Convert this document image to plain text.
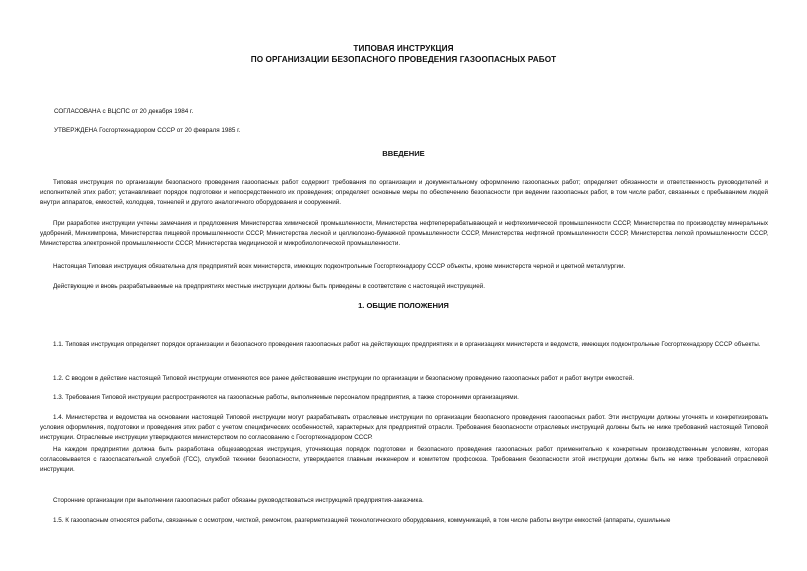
ТИПОВАЯ ИНСТРУКЦИЯ
ПО ОРГАНИЗАЦИИ БЕЗОПАСНОГО ПРОВЕДЕНИЯ ГАЗООПАСНЫХ РАБОТ
СОГЛАСОВАНА с ВЦСПС от 20 декабря 1984 г.
УТВЕРЖДЕНА Госгортехнадзором СССР от 20 февраля 1985 г.
ВВЕДЕНИЕ

Типовая инструкция по организации безопасного проведения газоопасных работ содержит требования по организации и документальному оформлению газоопасных работ; определяет обязанности и ответственность руководителей и исполнителей этих работ; устанавливает порядок подготовки и непосредственного их проведения; определяет основные меры по обеспечению безопасности при ведении газоопасных работ, в том числе работ, связанных с пребыванием людей внутри аппаратов, емкостей, колодцев, тоннелей и другого аналогичного оборудования и сооружений.

При разработке инструкции учтены замечания и предложения Министерства химической промышленности, Министерства нефтеперерабатывающей и нефтехимической промышленности СССР, Министерства по производству минеральных удобрений, Минхимпрома, Министерства пищевой промышленности СССР, Министерства лесной и целлюлозно-бумажной промышленности СССР, Министерства нефтяной промышленности СССР, Министерства легкой промышленности СССР, Министерства электронной промышленности СССР, Министерства медицинской и микробиологической промышленности.

Настоящая Типовая инструкция обязательна для предприятий всех министерств, имеющих подконтрольные Госгортехнадзору СССР объекты, кроме министерств черной и цветной металлургии.

Действующие и вновь разрабатываемые на предприятиях местные инструкции должны быть приведены в соответствие с настоящей инструкцией.

1. ОБЩИЕ ПОЛОЖЕНИЯ

1.1. Типовая инструкция определяет порядок организации и безопасного проведения газоопасных работ на действующих предприятиях и в организациях министерств и ведомств, имеющих подконтрольные Госгортехнадзору СССР объекты.

1.2. С вводом в действие настоящей Типовой инструкции отменяются все ранее действовавшие инструкции по организации и безопасному проведению газоопасных работ и работ внутри емкостей.

1.3. Требования Типовой инструкции распространяются на газоопасные работы, выполняемые персоналом предприятия, а также сторонними организациями.

1.4. Министерства и ведомства на основании настоящей Типовой инструкции могут разрабатывать отраслевые инструкции по организации безопасного проведения газоопасных работ. Эти инструкции должны уточнять и конкретизировать условия оформления, подготовки и проведения этих работ с учетом специфических особенностей, характерных для предприятий отрасли. Требования безопасности отраслевых инструкций должны быть не ниже требований настоящей Типовой инструкции. Отраслевые инструкции утверждаются министерством по согласованию с Госгортехнадзором СССР.

На каждом предприятии должна быть разработана общезаводская инструкция, уточняющая порядок подготовки и безопасного проведения газоопасных работ применительно к конкретным производственным условиям, которая согласовывается с газоспасательной службой (ГСС), службой техники безопасности, утверждается главным инженером и комитетом профсоюза. Требования безопасности этой инструкции должны быть не ниже требований отраслевой инструкции.

Сторонние организации при выполнении газоопасных работ обязаны руководствоваться инструкцией предприятия-заказчика.

1.5. К газоопасным относятся работы, связанные с осмотром, чисткой, ремонтом, разгерметизацией технологического оборудования, коммуникаций, в том числе работы внутри емкостей (аппараты, сушильные
